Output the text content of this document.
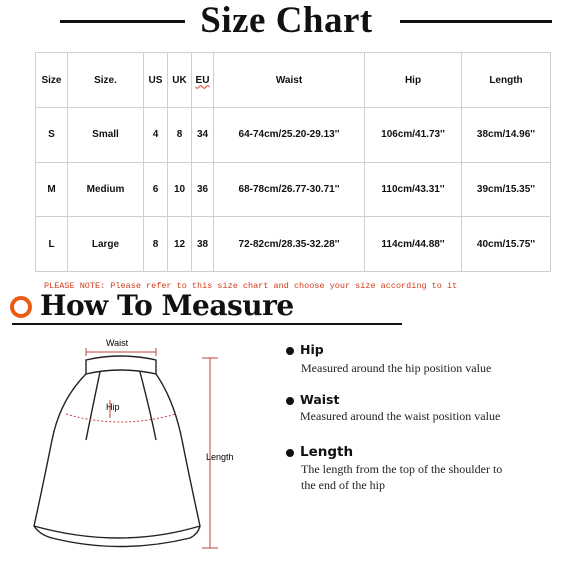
Size Chart
Size	Size.	US	UK	EU	Waist	Hip	Length
S	Small	4	8	34	64-74cm/25.20-29.13''	106cm/41.73''	38cm/14.96''
M	Medium	6	10	36	68-78cm/26.77-30.71''	110cm/43.31''	39cm/15.35''
L	Large	8	12	38	72-82cm/28.35-32.28''	114cm/44.88''	40cm/15.75''
PLEASE NOTE: Please refer to this size chart and choose your size according to it
How To Measure
Waist
Hip
Length
Hip
Measured around the hip position value
Waist
Measured around the waist position value
Length
The length from the top of the shoulder to
the end of the hip
